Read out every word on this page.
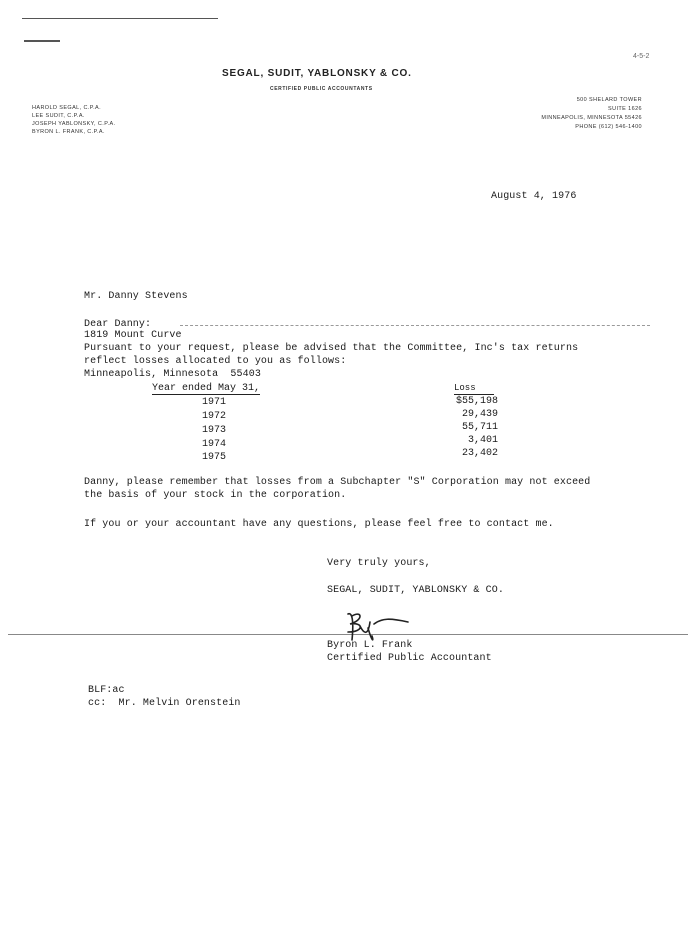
SEGAL, SUDIT, YABLONSKY & CO.
CERTIFIED PUBLIC ACCOUNTANTS
HAROLD SEGAL, C.P.A.
LEE SUDIT, C.P.A.
JOSEPH YABLONSKY, C.P.A.
BYRON L. FRANK, C.P.A.
500 SHELARD TOWER
SUITE 1626
MINNEAPOLIS, MINNESOTA 55426
PHONE (612) 546-1400
4-5-2
August 4, 1976

Mr. Danny Stevens

1819 Mount Curve

Minneapolis, Minnesota  55403

Dear Danny:
Pursuant to your request, please be advised that the Committee, Inc's tax returns reflect losses allocated to you as follows:
Year ended May 31,	Loss
1971	$55,198
1972	29,439
1973	55,711
1974	3,401
1975	23,402
Danny, please remember that losses from a Subchapter "S" Corporation may not exceed the basis of your stock in the corporation.
If you or your accountant have any questions, please feel free to contact me.
Very truly yours,
SEGAL, SUDIT, YABLONSKY & CO.
Byron L. Frank
Certified Public Accountant
BLF:ac
cc:  Mr. Melvin Orenstein
